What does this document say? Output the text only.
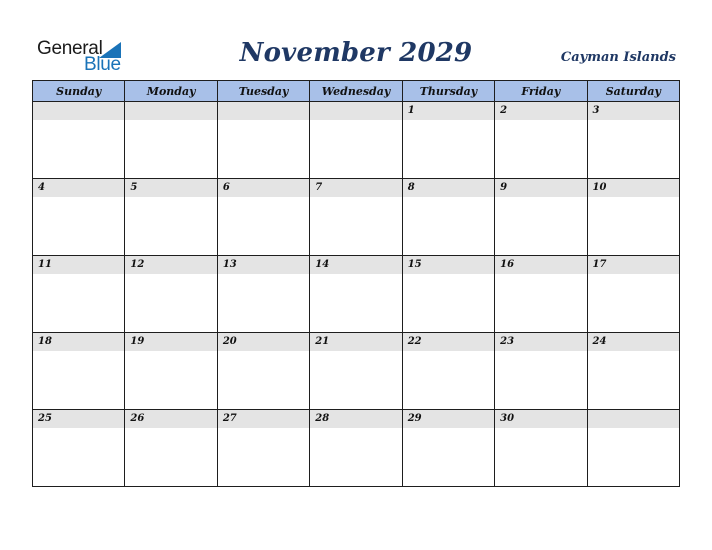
General
Blue	November 2029	Cayman Islands
Sunday	Monday	Tuesday	Wednesday	Thursday	Friday	Saturday

				1	2	3

4	5	6	7	8	9	10

11	12	13	14	15	16	17

18	19	20	21	22	23	24

25	26	27	28	29	30	
